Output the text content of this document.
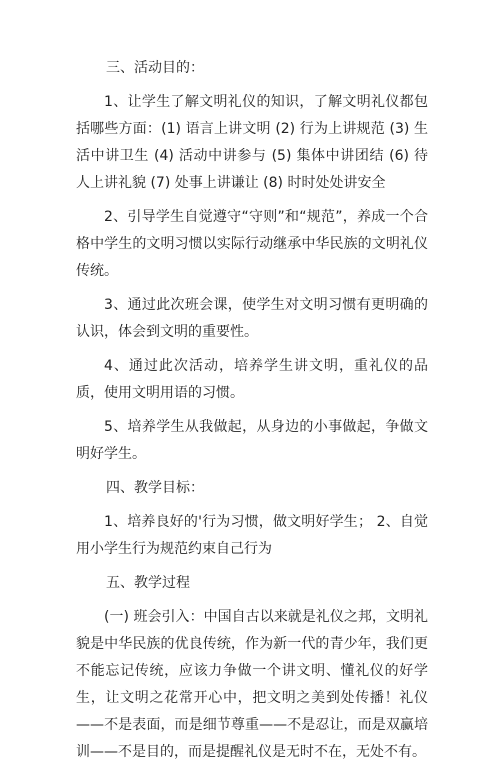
三、活动目的：

1、让学生了解文明礼仪的知识，了解文明礼仪都包括哪些方面：(1) 语言上讲文明 (2) 行为上讲规范 (3) 生活中讲卫生 (4) 活动中讲参与 (5) 集体中讲团结 (6) 待人上讲礼貌 (7) 处事上讲谦让 (8) 时时处处讲安全

2、引导学生自觉遵守“守则”和“规范”，养成一个合格中学生的文明习惯以实际行动继承中华民族的文明礼仪传统。

3、通过此次班会课，使学生对文明习惯有更明确的认识，体会到文明的重要性。

4、通过此次活动，培养学生讲文明，重礼仪的品质，使用文明用语的习惯。

5、培养学生从我做起，从身边的小事做起，争做文明好学生。

四、教学目标：

1、培养良好的'行为习惯，做文明好学生； 2、自觉用小学生行为规范约束自己行为

五、教学过程

(一) 班会引入：中国自古以来就是礼仪之邦，文明礼貌是中华民族的优良传统，作为新一代的青少年，我们更不能忘记传统，应该力争做一个讲文明、懂礼仪的好学生，让文明之花常开心中，把文明之美到处传播！礼仪——不是表面，而是细节尊重——不是忍让，而是双赢培训——不是目的，而是提醒礼仪是无时不在，无处不有。
